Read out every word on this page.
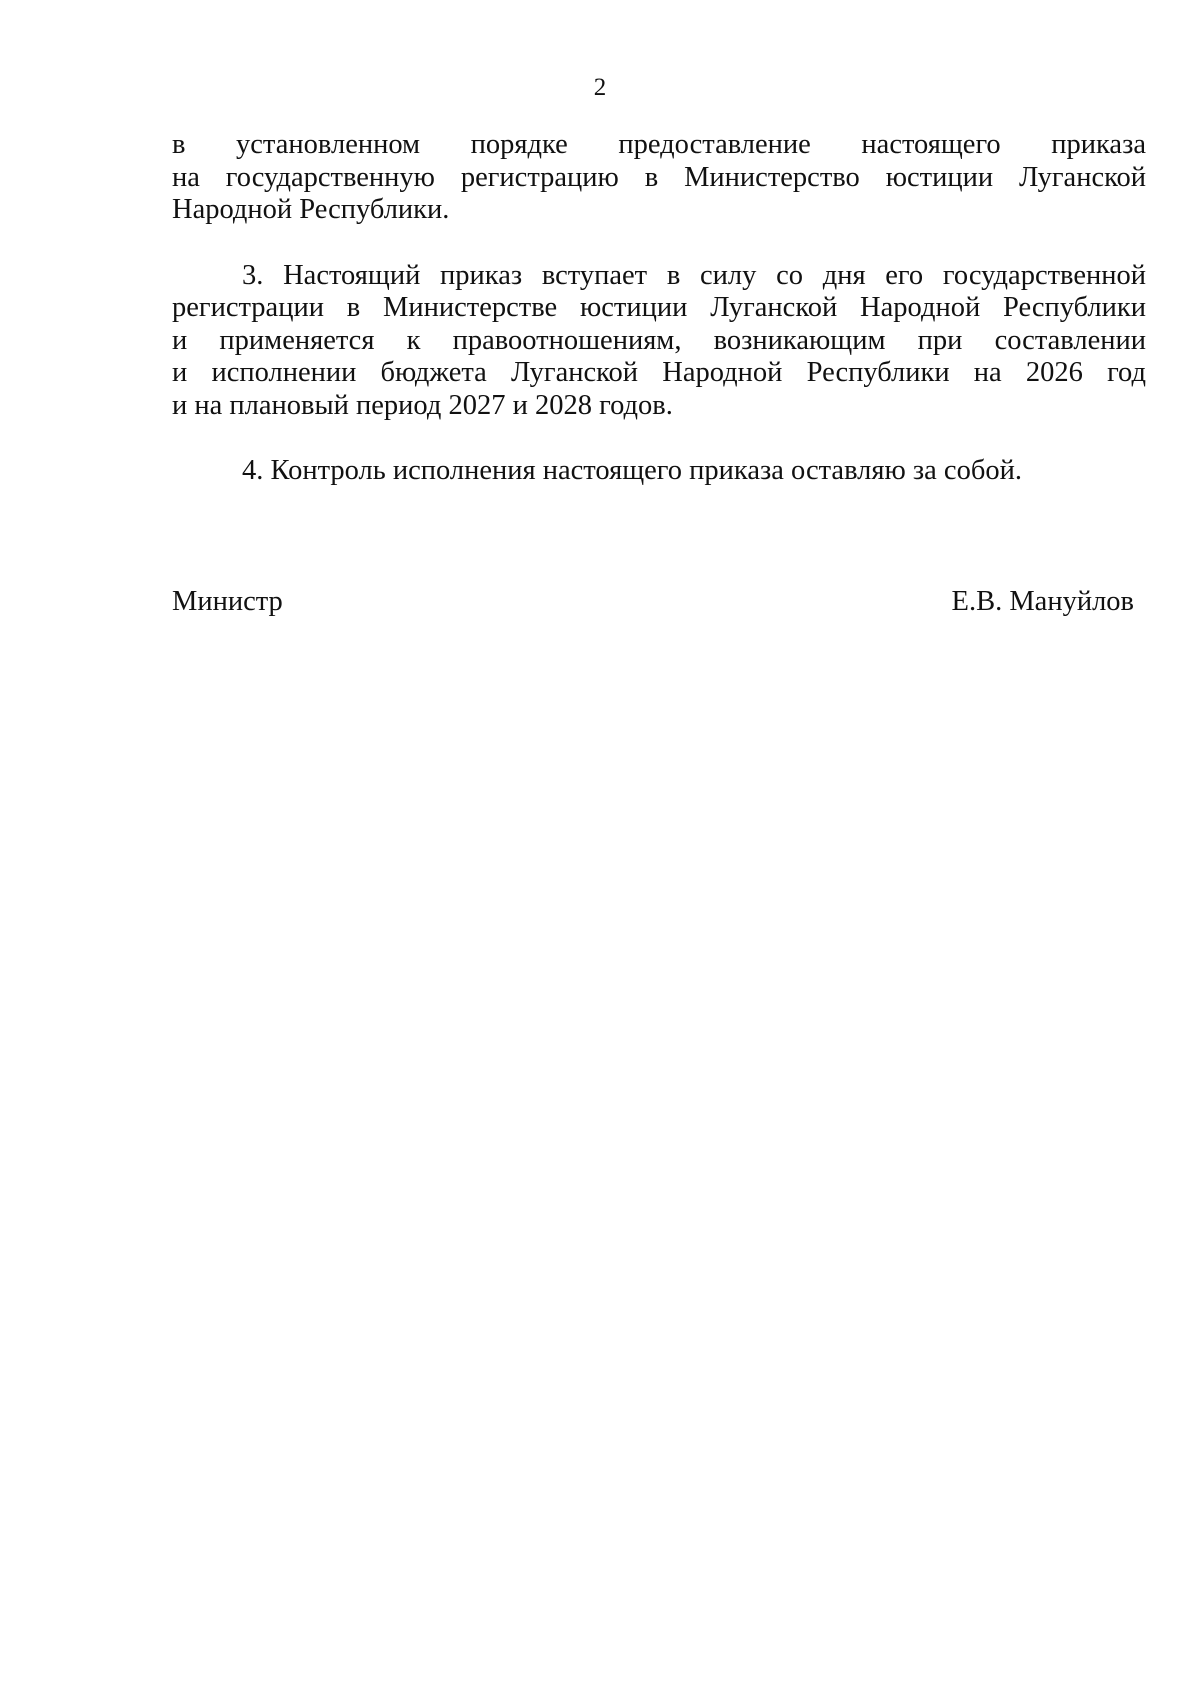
2
в установленном порядке предоставление настоящего приказа
на государственную регистрацию в Министерство юстиции Луганской
Народной Республики.
3. Настоящий приказ вступает в силу со дня его государственной
регистрации в Министерстве юстиции Луганской Народной Республики
и применяется к правоотношениям, возникающим при составлении
и исполнении бюджета Луганской Народной Республики на 2026 год
и на плановый период 2027 и 2028 годов.
4. Контроль исполнения настоящего приказа оставляю за собой.
Министр	Е.В. Мануйлов
